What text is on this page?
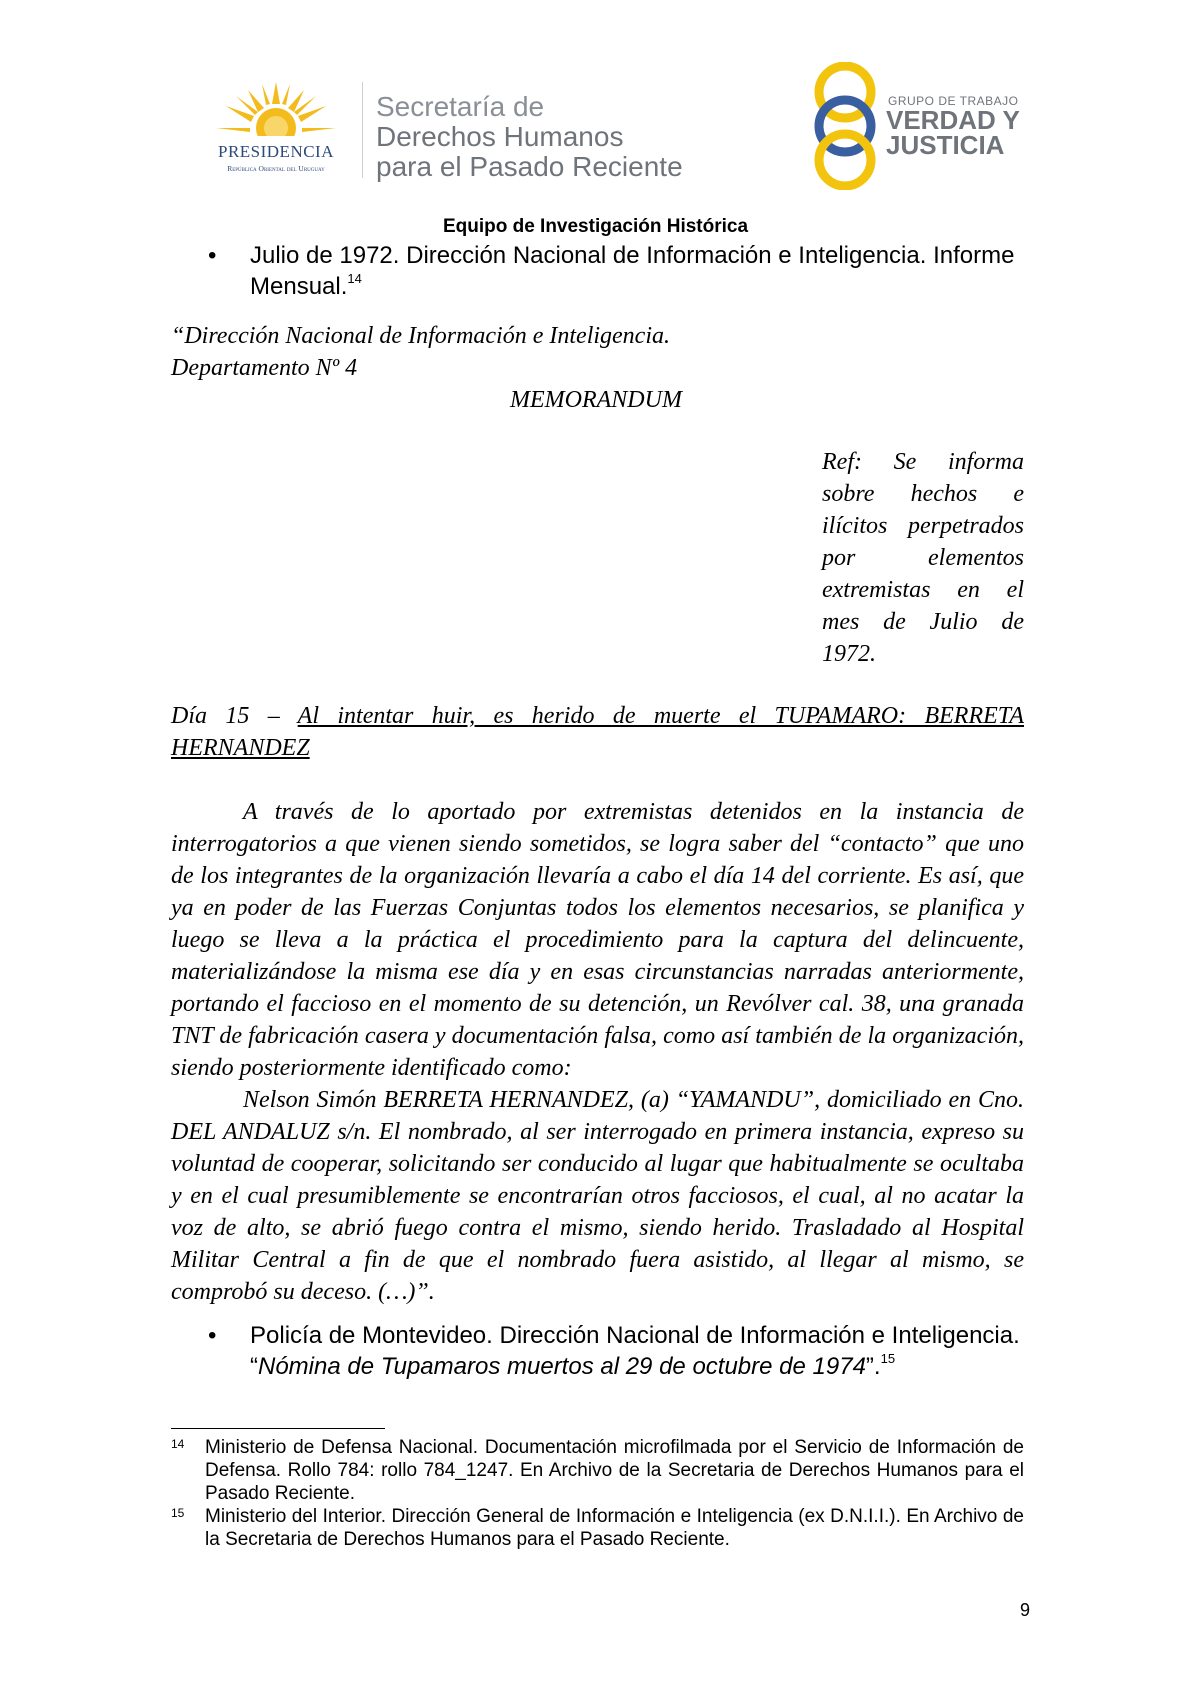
PRESIDENCIA
República Oriental del Uruguay
Secretaría de
Derechos Humanos
para el Pasado Reciente
GRUPO DE TRABAJO
VERDAD Y
JUSTICIA
Equipo de Investigación Histórica
•	Julio de 1972. Dirección Nacional de Información e Inteligencia. Informe Mensual.$^{14}$
“Dirección Nacional de Información e Inteligencia.
Departamento Nº 4
MEMORANDUM
Ref: Se informa
sobre hechos e
ilícitos perpetrados
por elementos
extremistas en el
mes de Julio de
1972.
Día 15 – Al intentar huir, es herido de muerte el TUPAMARO: BERRETA
HERNANDEZ
A través de lo aportado por extremistas detenidos en la instancia de interrogatorios a que vienen siendo sometidos, se logra saber del “contacto” que uno de los integrantes de la organización llevaría a cabo el día 14 del corriente. Es así, que ya en poder de las Fuerzas Conjuntas todos los elementos necesarios, se planifica y luego se lleva a la práctica el procedimiento para la captura del delincuente, materializándose la misma ese día y en esas circunstancias narradas anteriormente, portando el faccioso en el momento de su detención, un Revólver cal. 38, una granada TNT de fabricación casera y documentación falsa, como así también de la organización, siendo posteriormente identificado como:
Nelson Simón BERRETA HERNANDEZ, (a) “YAMANDU”, domiciliado en Cno. DEL ANDALUZ s/n. El nombrado, al ser interrogado en primera instancia, expreso su voluntad de cooperar, solicitando ser conducido al lugar que habitualmente se ocultaba y en el cual presumiblemente se encontrarían otros facciosos, el cual, al no acatar la voz de alto, se abrió fuego contra el mismo, siendo herido. Trasladado al Hospital Militar Central a fin de que el nombrado fuera asistido, al llegar al mismo, se comprobó su deceso. (…)”.
•	Policía de Montevideo. Dirección Nacional de Información e Inteligencia.
“Nómina de Tupamaros muertos al 29 de octubre de 1974”.$^{15}$
14	Ministerio de Defensa Nacional. Documentación microfilmada por el Servicio de Información de Defensa. Rollo 784: rollo 784_1247. En Archivo de la Secretaria de Derechos Humanos para el Pasado Reciente.
15	Ministerio del Interior. Dirección General de Información e Inteligencia (ex D.N.I.I.). En Archivo de la Secretaria de Derechos Humanos para el Pasado Reciente.
9
